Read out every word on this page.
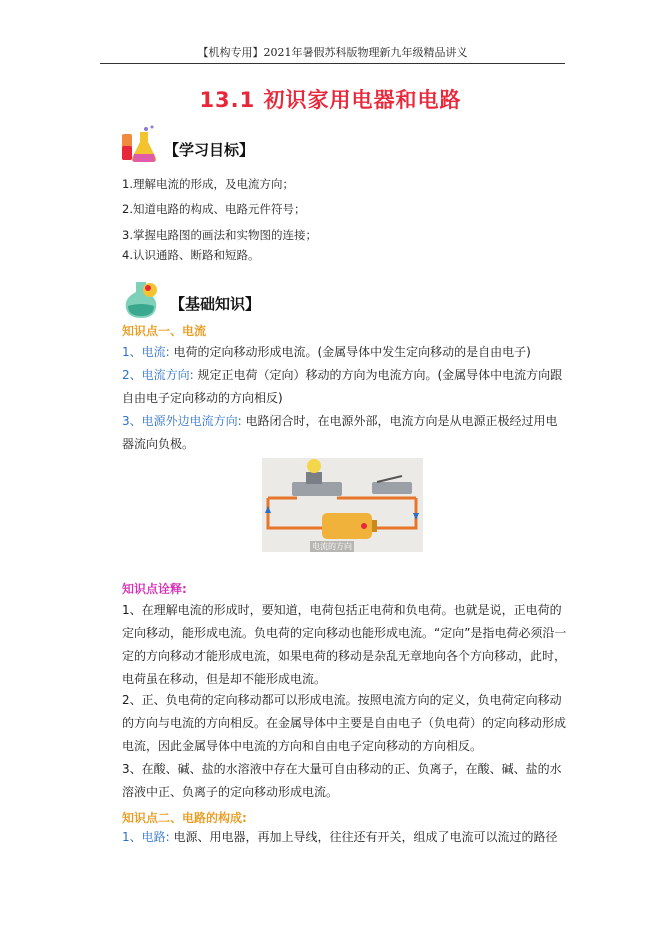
【机构专用】2021年暑假苏科版物理新九年级精品讲义
13.1 初识家用电器和电路
【学习目标】
1.理解电流的形成，及电流方向；
2.知道电路的构成、电路元件符号；
3.掌握电路图的画法和实物图的连接；
4.认识通路、断路和短路。
【基础知识】
知识点一、电流
1、电流: 电荷的定向移动形成电流。(金属导体中发生定向移动的是自由电子)
2、电流方向: 规定正电荷（定向）移动的方向为电流方向。(金属导体中电流方向跟自由电子定向移动的方向相反)
3、电源外边电流方向: 电路闭合时，在电源外部，电流方向是从电源正极经过用电器流向负极。
电流的方向
知识点诠释:
1、在理解电流的形成时，要知道，电荷包括正电荷和负电荷。也就是说，正电荷的定向移动，能形成电流。负电荷的定向移动也能形成电流。“定向”是指电荷必须沿一定的方向移动才能形成电流，如果电荷的移动是杂乱无章地向各个方向移动，此时，电荷虽在移动，但是却不能形成电流。
2、正、负电荷的定向移动都可以形成电流。按照电流方向的定义，负电荷定向移动的方向与电流的方向相反。在金属导体中主要是自由电子（负电荷）的定向移动形成电流，因此金属导体中电流的方向和自由电子定向移动的方向相反。
3、在酸、碱、盐的水溶液中存在大量可自由移动的正、负离子，在酸、碱、盐的水溶液中正、负离子的定向移动形成电流。
知识点二、电路的构成:
1、电路: 电源、用电器，再加上导线，往往还有开关，组成了电流可以流过的路径
